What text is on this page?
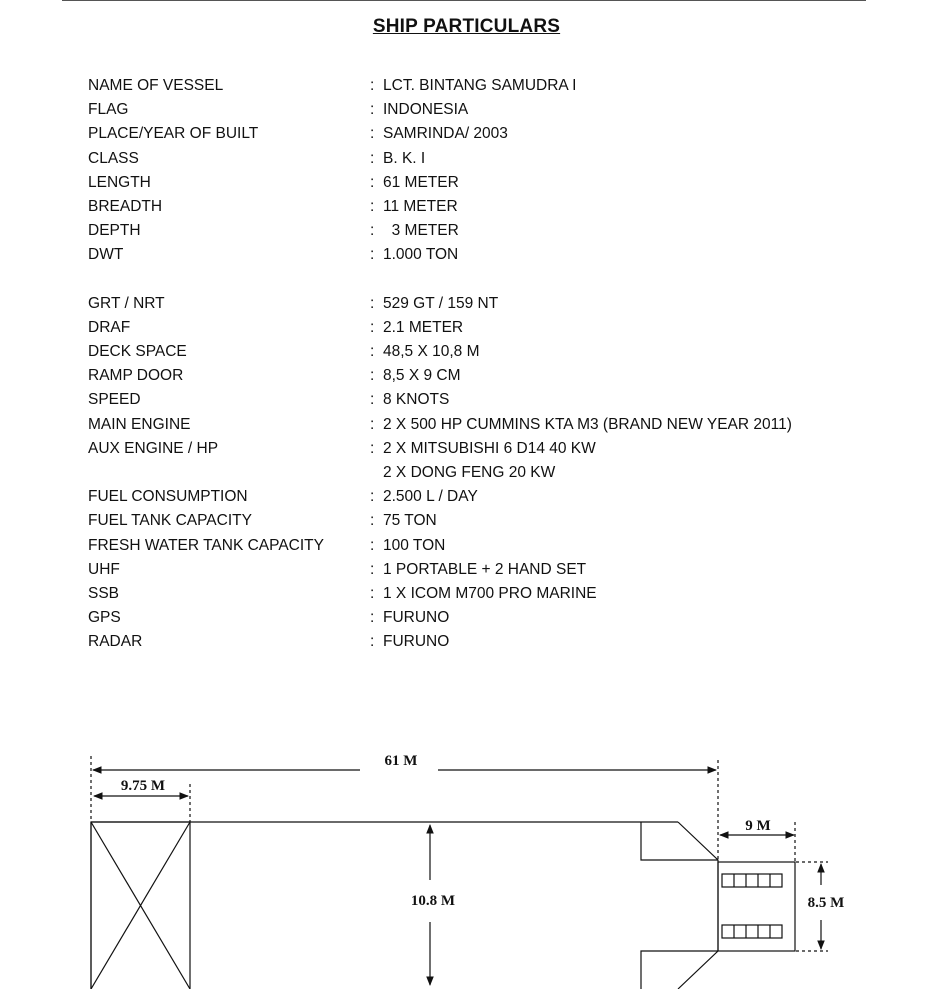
SHIP PARTICULARS
NAME OF VESSEL	: LCT. BINTANG SAMUDRA I
FLAG	: INDONESIA
PLACE/YEAR OF BUILT	: SAMRINDA/ 2003
CLASS	: B. K. I
LENGTH	: 61 METER
BREADTH	: 11 METER
DEPTH	: 3 METER
DWT	: 1.000 TON
GRT / NRT	: 529 GT / 159 NT
DRAF	: 2.1 METER
DECK SPACE	: 48,5 X 10,8 M
RAMP DOOR	: 8,5 X 9 CM
SPEED	: 8 KNOTS
MAIN ENGINE	: 2 X 500 HP CUMMINS KTA M3 (BRAND NEW YEAR 2011)
AUX ENGINE / HP	: 2 X MITSUBISHI 6 D14 40 KW
2 X DONG FENG 20 KW
FUEL CONSUMPTION	: 2.500 L / DAY
FUEL TANK CAPACITY	: 75 TON
FRESH WATER TANK CAPACITY	: 100 TON
UHF	: 1 PORTABLE + 2 HAND SET
SSB	: 1 X ICOM M700 PRO MARINE
GPS	: FURUNO
RADAR	: FURUNO
61 M
9.75 M
10.8 M
9 M
8.5 M
